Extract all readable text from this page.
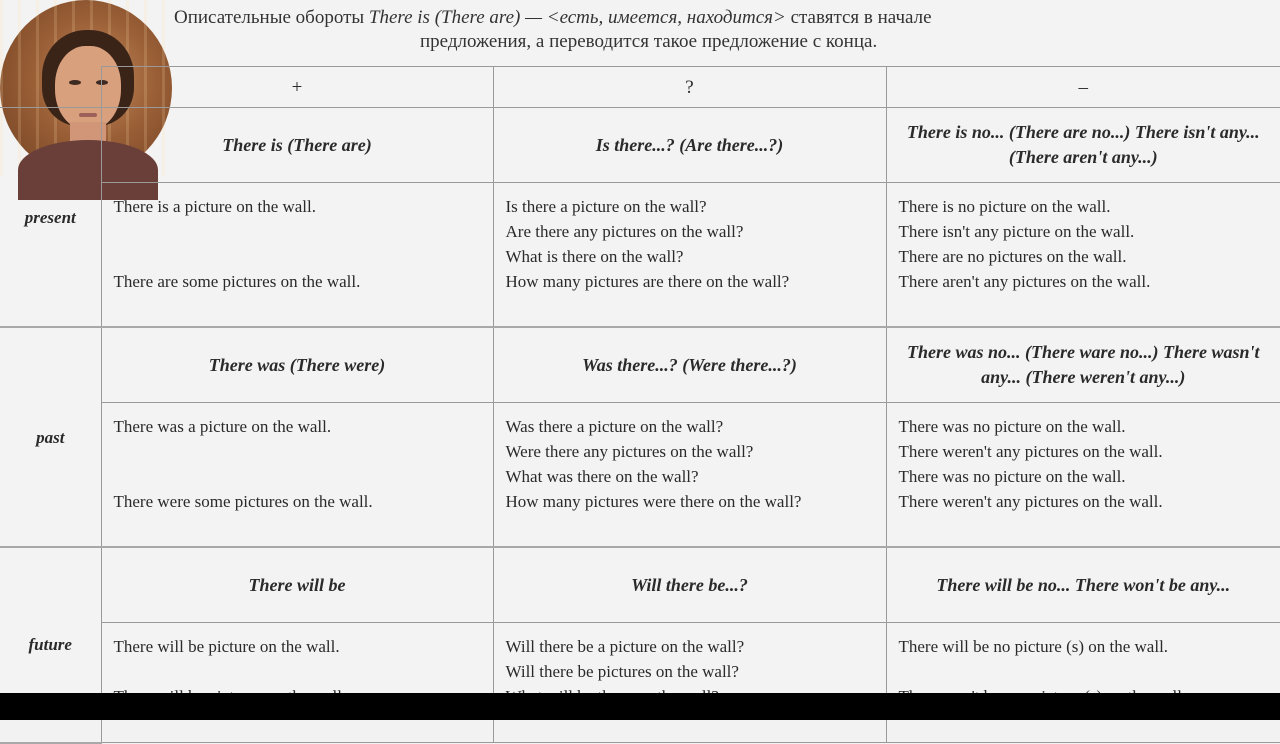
Описательные обороты There is (There are) — <есть, имеется, находится> ставятся в начале
предложения, а переводится такое предложение с конца.
	+	?	–
present	There is (There are)	Is there...? (Are there...?)	There is no... (There are no...) There isn't any... (There aren't any...)

	There is a picture on the wall.
There are some pictures on the wall.	Is there a picture on the wall?
Are there any pictures on the wall?
What is there on the wall?
How many pictures are there on the wall?	There is no picture on the wall.
There isn't any picture on the wall.
There are no pictures on the wall.
There aren't any pictures on the wall.

past	There was (There were)	Was there...? (Were there...?)	There was no... (There ware no...) There wasn't any... (There weren't any...)

	There was a picture on the wall.
There were some pictures on the wall.	Was there a picture on the wall?
Were there any pictures on the wall?
What was there on the wall?
How many pictures were there on the wall?	There was no picture on the wall.
There weren't any pictures on the wall.
There was no picture on the wall.
There weren't any pictures on the wall.

future	There will be	Will there be...?	There will be no... There won't be any...

	There will be picture on the wall.	Will there be a picture on the wall?
Will there be pictures on the wall?	There will be no picture (s) on the wall.
